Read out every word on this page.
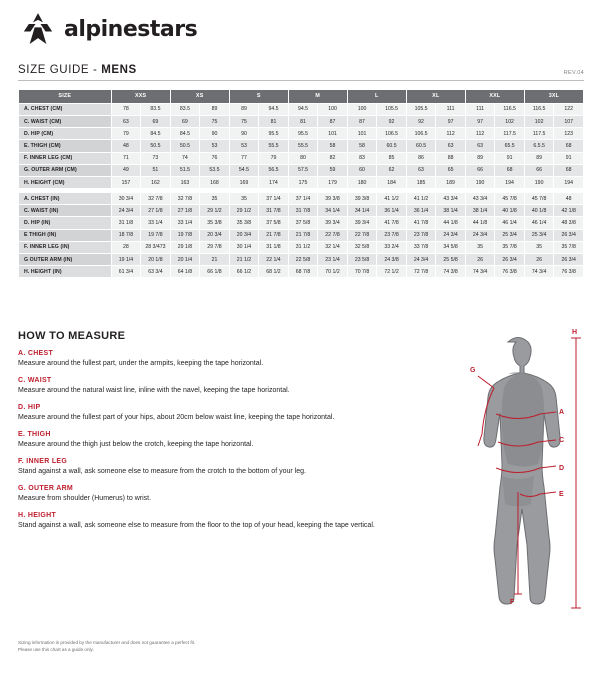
alpinestars
SIZE GUIDE - MENS	REV.04
SIZE	XXS		XS		S		M		L		XL		XXL		3XL	
A. CHEST (CM)	78	83.5	83.5	89	89	94.5	94.5	100	100	105.5	105.5	111	111	116.5	116.5	122
C. WAIST (CM)	63	69	69	75	75	81	81	87	87	92	92	97	97	102	102	107
D. HIP (CM)	79	84.5	84.5	90	90	95.5	95.5	101	101	106.5	106.5	112	112	117.5	117.5	123
E. THIGH (CM)	48	50.5	50.5	53	53	55.5	55.5	58	58	60.5	60.5	63	63	65.5	6.5.5	68
F. INNER LEG (CM)	71	73	74	76	77	79	80	82	83	85	86	88	89	91	89	91
G. OUTER ARM (CM)	49	51	51.5	53.5	54.5	56.5	57.5	59	60	62	63	65	66	68	66	68
H. HEIGHT (CM)	157	162	163	168	169	174	175	179	180	184	185	189	190	194	190	194

A. CHEST (IN)	30 3/4	32 7/8	32 7/8	35	35	37 1/4	37 1/4	39 3/8	39 3/8	41 1/2	41 1/2	43 3/4	43 3/4	45 7/8	45 7/8	48
C. WAIST (IN)	24 3/4	27 1/8	27 1/8	29 1/2	29 1/2	31 7/8	31 7/8	34 1/4	34 1/4	36 1/4	36 1/4	38 1/4	38 1/4	40 1/8	40 1/8	42 1/8
D. HIP (IN)	31 1/8	33 1/4	33 1/4	35 3/8	35 3/8	37 5/8	37 5/8	39 3/4	39 3/4	41 7/8	41 7/8	44 1/8	44 1/8	46 1/4	46 1/4	48 3/8
E THIGH (IN)	18 7/8	19 7/8	19 7/8	20 3/4	20 3/4	21 7/8	21 7/8	22 7/8	22 7/8	23 7/8	23 7/8	24 3/4	24 3/4	25 3/4	25 3/4	26 3/4
F. INNER LEG (IN)	28	28 3/473	29 1/8	29 7/8	30 1/4	31 1/8	31 1/2	32 1/4	32 5/8	33 2/4	33 7/8	34 5/8	35	35 7/8	35	35 7/8
G OUTER ARM (IN)	19 1/4	20 1/8	20 1/4	21	21 1/2	22 1/4	22 5/8	23 1/4	23 5/8	24 3/8	24 3/4	25 5/8	26	26 3/4	26	26 3/4
H. HEIGHT (IN)	61 3/4	63 3/4	64 1/8	66 1/8	66 1/2	68 1/2	68 7/8	70 1/2	70 7/8	72 1/2	72 7/8	74 3/8	74 3/4	76 3/8	74 3/4	76 3/8
HOW TO MEASURE
A. CHEST
Measure around the fullest part, under the armpits, keeping the tape horizontal.
C. WAIST
Measure around the natural waist line, inline with the navel, keeping the tape horizontal.
D. HIP
Measure around the fullest part of your hips, about 20cm below waist line, keeping the tape horizontal.
E. THIGH
Measure around the thigh just below the crotch, keeping the tape horizontal.
F. INNER LEG
Stand against a wall, ask someone else to measure from the crotch to the bottom of your leg.
G. OUTER ARM
Measure from shoulder (Humerus) to wrist.
H. HEIGHT
Stand against a wall, ask someone else to measure from the floor to the top of your head, keeping the tape vertical.
H
G
A
C
D
E
F
Sizing information is provided by the manufacturer and does not guarantee a perfect fit.
Please use this chart as a guide only.
